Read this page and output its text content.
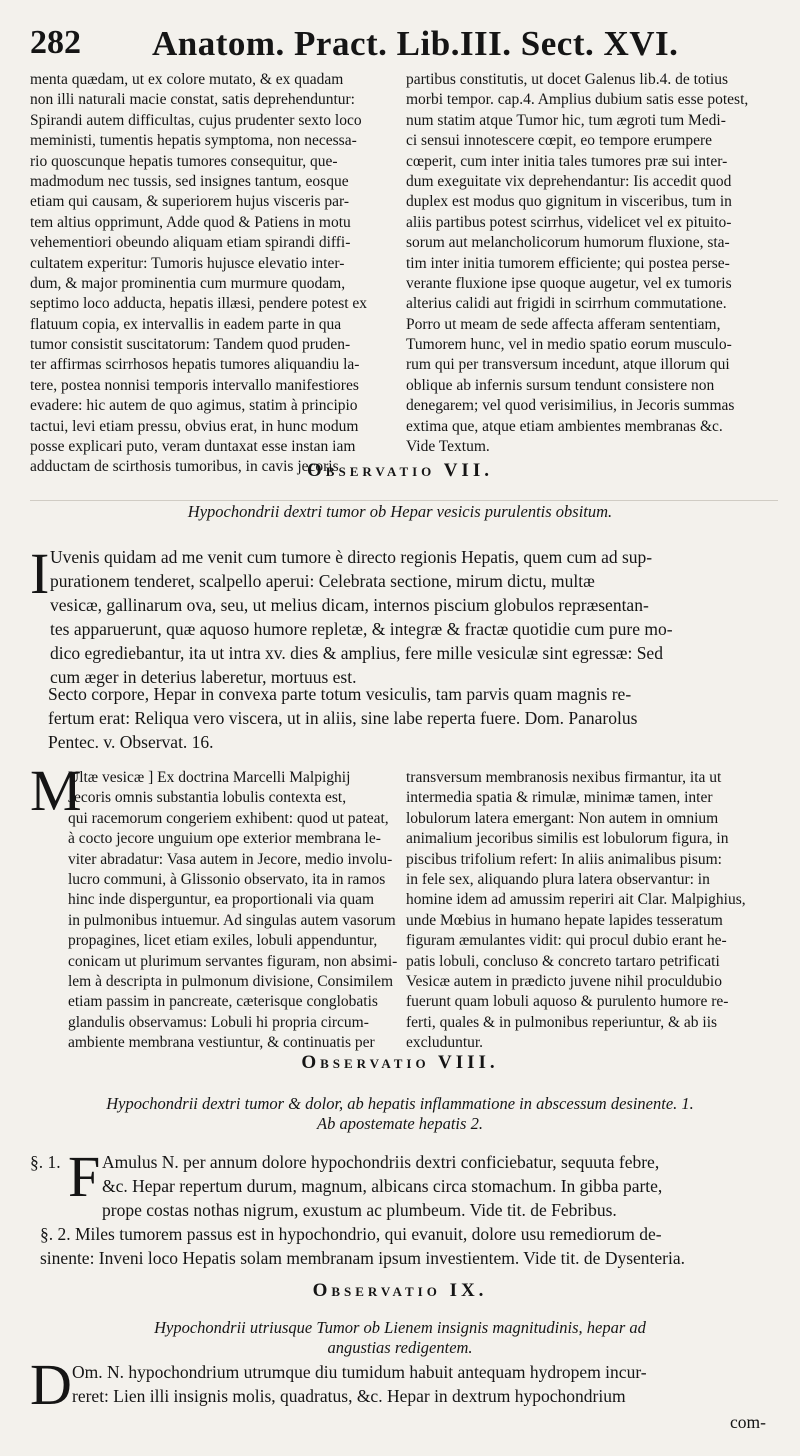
282 Anatom. Pract. Lib.III. Sect. XVI.
menta quædam, ut ex colore mutato, & ex quadam
non illi naturali macie constat, satis deprehenduntur:
Spirandi autem difficultas, cujus prudenter sexto loco
meministi, tumentis hepatis symptoma, non necessa-
rio quoscunque hepatis tumores consequitur, que-
madmodum nec tussis, sed insignes tantum, eosque
etiam qui causam, & superiorem hujus visceris par-
tem altius opprimunt, Adde quod & Patiens in motu
vehementiori obeundo aliquam etiam spirandi diffi-
cultatem experitur: Tumoris hujusce elevatio inter-
dum, & major prominentia cum murmure quodam,
septimo loco adducta, hepatis illæsi, pendere potest ex
flatuum copia, ex intervallis in eadem parte in qua
tumor consistit suscitatorum: Tandem quod pruden-
ter affirmas scirrhosos hepatis tumores aliquandiu la-
tere, postea nonnisi temporis intervallo manifestiores
evadere: hic autem de quo agimus, statim à principio
tactui, levi etiam pressu, obvius erat, in hunc modum
posse explicari puto, veram duntaxat esse instan iam
adductam de scirthosis tumoribus, in cavis jecoris
partibus constitutis, ut docet Galenus lib.4. de totius
morbi tempor. cap.4. Amplius dubium satis esse potest,
num statim atque Tumor hic, tum ægroti tum Medi-
ci sensui innotescere cœpit, eo tempore erumpere
cœperit, cum inter initia tales tumores præ sui inter-
dum exeguitate vix deprehendantur: Iis accedit quod
duplex est modus quo gignitum in visceribus, tum in
aliis partibus potest scirrhus, videlicet vel ex pituito-
sorum aut melancholicorum humorum fluxione, sta-
tim inter initia tumorem efficiente; qui postea perse-
verante fluxione ipse quoque augetur, vel ex tumoris
alterius calidi aut frigidi in scirrhum commutatione.
Porro ut meam de sede affecta afferam sententiam,
Tumorem hunc, vel in medio spatio eorum musculo-
rum qui per transversum incedunt, atque illorum qui
oblique ab infernis sursum tendunt consistere non
denegarem; vel quod verisimilius, in Jecoris summas
extima que, atque etiam ambientes membranas &c.
Vide Textum.
Observatio VII.
Hypochondrii dextri tumor ob Hepar vesicis purulentis obsitum.
I Uvenis quidam ad me venit cum tumore è directo regionis Hepatis, quem cum ad sup-
purationem tenderet, scalpello aperui: Celebrata sectione, mirum dictu, multæ
vesicæ, gallinarum ova, seu, ut melius dicam, internos piscium globulos repræsentan-
tes apparuerunt, quæ aquoso humore repletæ, & integræ & fractæ quotidie cum pure mo-
dico egrediebantur, ita ut intra xv. dies & amplius, fere mille vesiculæ sint egressæ: Sed
cum æger in deterius laberetur, mortuus est.
Secto corpore, Hepar in convexa parte totum vesiculis, tam parvis quam magnis re-
fertum erat: Reliqua vero viscera, ut in aliis, sine labe reperta fuere. Dom. Panarolus
Pentec. v. Observat. 16.
M
Ultæ vesicæ ] Ex doctrina Marcelli Malpighij
Jecoris omnis substantia lobulis contexta est,
qui racemorum congeriem exhibent: quod ut pateat,
à cocto jecore unguium ope exterior membrana le-
viter abradatur: Vasa autem in Jecore, medio involu-
lucro communi, à Glissonio observato, ita in ramos
hinc inde disperguntur, ea proportionali via quam
in pulmonibus intuemur. Ad singulas autem vasorum
propagines, licet etiam exiles, lobuli appenduntur,
conicam ut plurimum servantes figuram, non absimi-
lem à descripta in pulmonum divisione, Consimilem
etiam passim in pancreate, cæterisque conglobatis
glandulis observamus: Lobuli hi propria circum-
ambiente membrana vestiuntur, & continuatis per
transversum membranosis nexibus firmantur, ita ut
intermedia spatia & rimulæ, minimæ tamen, inter
lobulorum latera emergant: Non autem in omnium
animalium jecoribus similis est lobulorum figura, in
piscibus trifolium refert: In aliis animalibus pisum:
in fele sex, aliquando plura latera observantur: in
homine idem ad amussim reperiri ait Clar. Malpighius,
unde Mœbius in humano hepate lapides tesseratum
figuram æmulantes vidit: qui procul dubio erant he-
patis lobuli, concluso & concreto tartaro petrificati
Vesicæ autem in prædicto juvene nihil proculdubio
fuerunt quam lobuli aquoso & purulento humore re-
ferti, quales & in pulmonibus reperiuntur, & ab iis
excluduntur.
Observatio VIII.
Hypochondrii dextri tumor & dolor, ab hepatis inflammatione in abscessum desinente. 1.
Ab apostemate hepatis 2.
§. 1. F Amulus N. per annum dolore hypochondriis dextri conficiebatur, sequuta febre,
&c. Hepar repertum durum, magnum, albicans circa stomachum. In gibba parte,
prope costas nothas nigrum, exustum ac plumbeum. Vide tit. de Febribus.
§. 2. Miles tumorem passus est in hypochondrio, qui evanuit, dolore usu remediorum de-
sinente: Inveni loco Hepatis solam membranam ipsum investientem. Vide tit. de Dysenteria.
Observatio IX.
Hypochondrii utriusque Tumor ob Lienem insignis magnitudinis, hepar ad
angustias redigentem.
D Om. N. hypochondrium utrumque diu tumidum habuit antequam hydropem incur-
reret: Lien illi insignis molis, quadratus, &c. Hepar in dextrum hypochondrium
com-
